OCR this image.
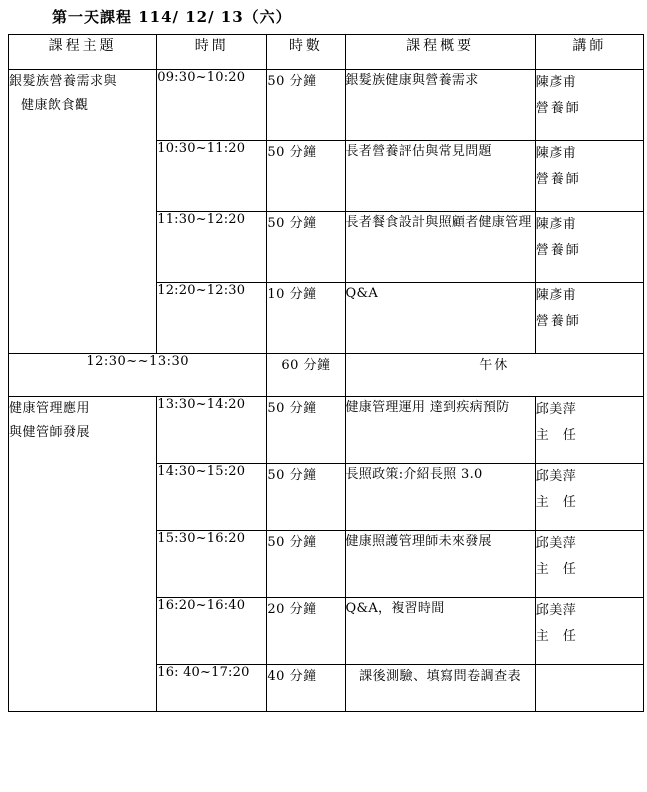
第一天課程 114/ 12/ 13（六）
課程主題	時間	時數	課程概要	講師
銀髮族營養需求與
健康飲食觀	09:30~10:20	50 分鐘	銀髮族健康與營養需求	陳彥甫
營養師

	10:30~11:20	50 分鐘	長者營養評估與常見問題	陳彥甫
營養師

	11:30~12:20	50 分鐘	長者餐食設計與照顧者健康管理	陳彥甫
營養師

	12:20~12:30	10 分鐘	Q&A	陳彥甫
營養師

12:30~~13:30		60 分鐘	午休	
健康管理應用
與健管師發展	13:30~14:20	50 分鐘	健康管理運用 達到疾病預防	邱美萍
主 任

	14:30~15:20	50 分鐘	長照政策:介紹長照 3.0	邱美萍
主 任

	15:30~16:20	50 分鐘	健康照護管理師未來發展	邱美萍
主 任

	16:20~16:40	20 分鐘	Q&A，複習時間	邱美萍
主 任

	16: 40~17:20	40 分鐘	課後測驗、填寫問卷調查表	
